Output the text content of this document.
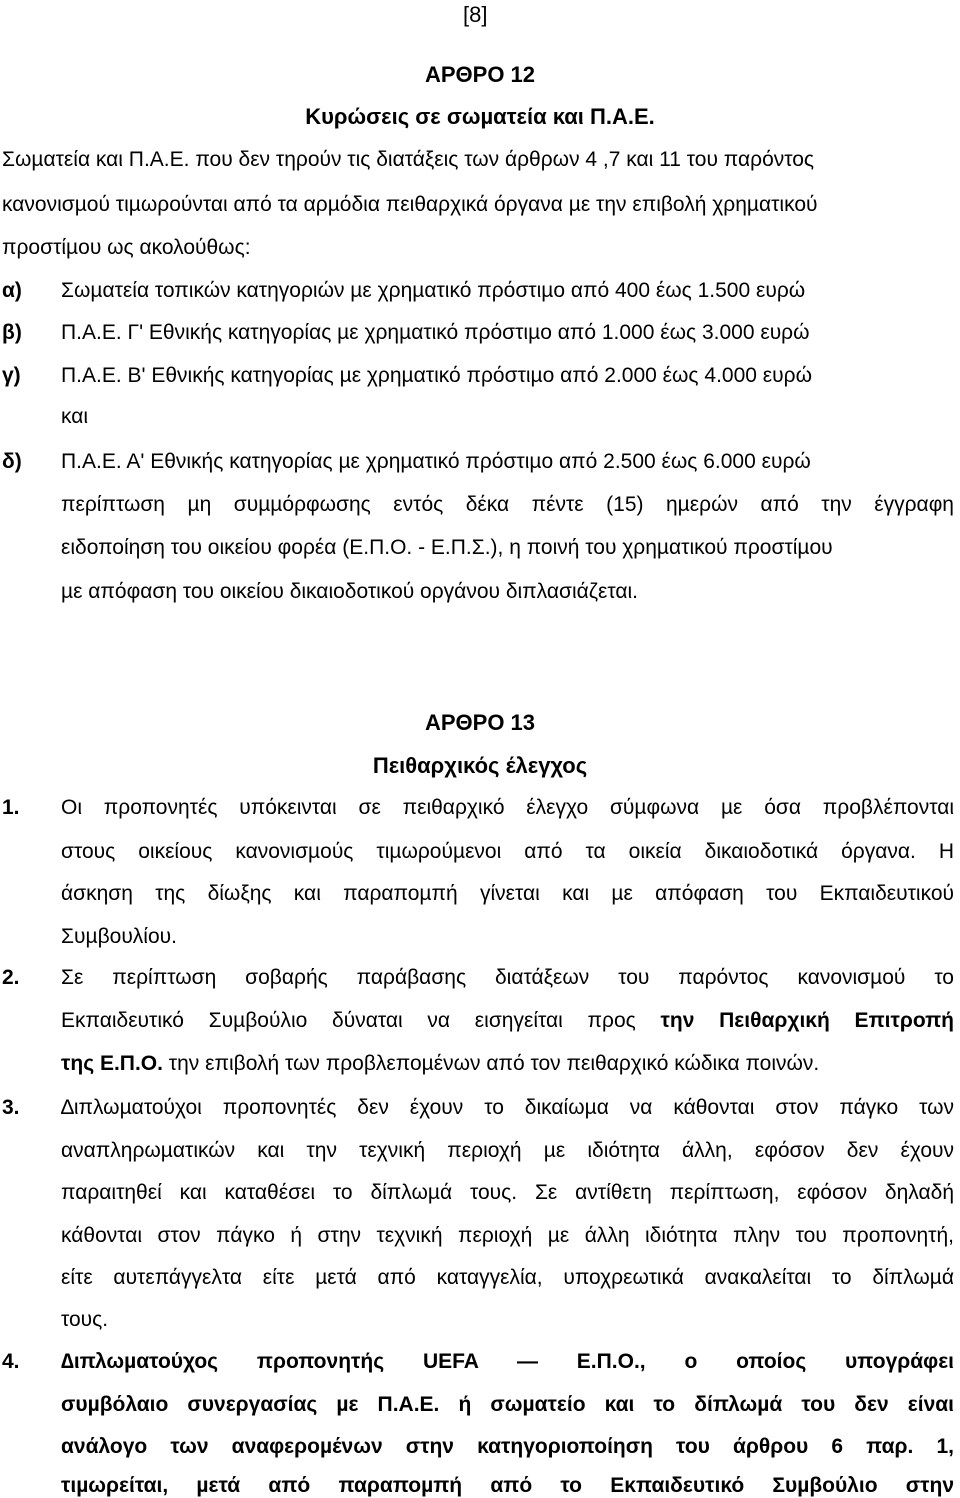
[8]
ΑΡΘΡΟ 12
Κυρώσεις σε σωµατεία και Π.Α.Ε.
Σωµατεία και Π.Α.Ε. που δεν τηρούν τις διατάξεις των άρθρων 4 ,7 και 11 του παρόντος
κανονισµού τιµωρούνται από τα αρµόδια πειθαρχικά όργανα µε την επιβολή χρηµατικού
προστίµου ως ακολούθως:
α) Σωµατεία τοπικών κατηγοριών µε χρηµατικό πρόστιµο από 400 έως 1.500 ευρώ
β) Π.Α.Ε. Γ' Εθνικής κατηγορίας µε χρηµατικό πρόστιµο από 1.000 έως 3.000 ευρώ
γ) Π.Α.Ε. Β' Εθνικής κατηγορίας µε χρηµατικό πρόστιµο από 2.000 έως 4.000 ευρώ
και
δ) Π.Α.Ε. Α' Εθνικής κατηγορίας µε χρηµατικό πρόστιµο από 2.500 έως 6.000 ευρώ
περίπτωση µη συµµόρφωσης εντός δέκα πέντε (15) ηµερών από την έγγραφη
ειδοποίηση του οικείου φορέα (Ε.Π.Ο. - Ε.Π.Σ.), η ποινή του χρηµατικού προστίµου
µε απόφαση του οικείου δικαιοδοτικού οργάνου διπλασιάζεται.
ΑΡΘΡΟ 13
Πειθαρχικός έλεγχος
1. Οι προπονητές υπόκεινται σε πειθαρχικό έλεγχο σύµφωνα µε όσα προβλέπονται
στους οικείους κανονισµούς τιµωρούµενοι από τα οικεία δικαιοδοτικά όργανα. Η
άσκηση της δίωξης και παραποµπή γίνεται και µε απόφαση του Εκπαιδευτικού
Συµβουλίου.
2. Σε περίπτωση σοβαρής παράβασης διατάξεων του παρόντος κανονισµού το
Εκπαιδευτικό Συµβούλιο δύναται να εισηγείται προς την Πειθαρχική Επιτροπή
της Ε.Π.Ο. την επιβολή των προβλεποµένων από τον πειθαρχικό κώδικα ποινών.
3. ∆ιπλωµατούχοι προπονητές δεν έχουν το δικαίωµα να κάθονται στον πάγκο των
αναπληρωµατικών και την τεχνική περιοχή µε ιδιότητα άλλη, εφόσον δεν έχουν
παραιτηθεί και καταθέσει το δίπλωµά τους. Σε αντίθετη περίπτωση, εφόσον δηλαδή
κάθονται στον πάγκο ή στην τεχνική περιοχή µε άλλη ιδιότητα πλην του προπονητή,
είτε αυτεπάγγελτα είτε µετά από καταγγελία, υποχρεωτικά ανακαλείται το δίπλωµά
τους.
4. ∆ιπλωµατούχος προπονητής UEFA — Ε.Π.Ο., ο οποίος υπογράφει
συµβόλαιο συνεργασίας µε Π.Α.Ε. ή σωµατείο και το δίπλωµά του δεν είναι
ανάλογο των αναφεροµένων στην κατηγοριοποίηση του άρθρου 6 παρ. 1,
τιµωρείται, µετά από παραποµπή από το Εκπαιδευτικό Συµβούλιο στην
